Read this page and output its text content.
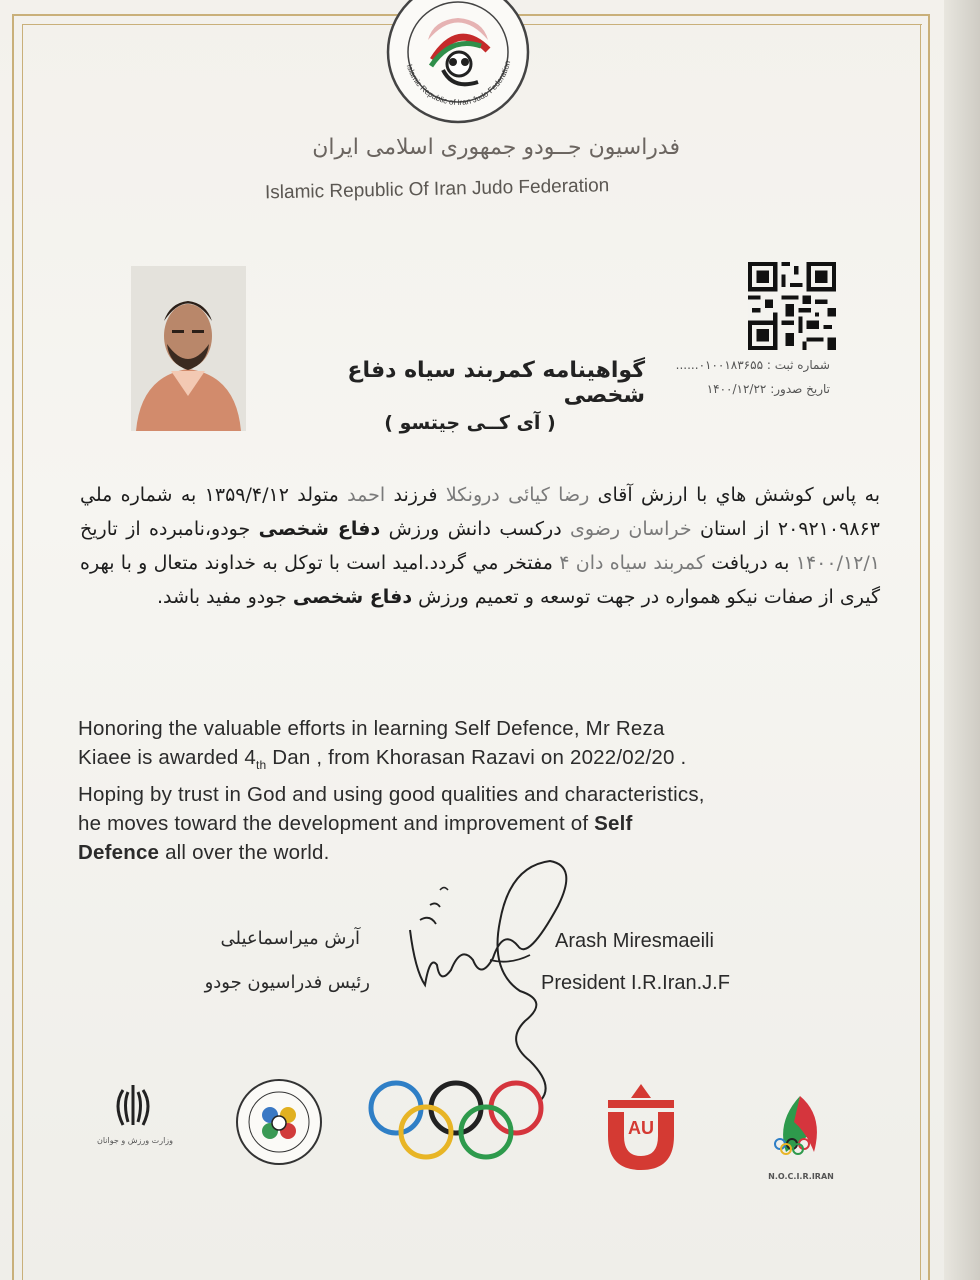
Islamic Republic of Iran Judo Federation
فدراسیون جــودو جمهوری اسلامی ایران
Islamic Republic Of Iran Judo Federation
شماره ثبت : ۰۱۰۰۱۸۳۶۵۵......
تاریخ صدور: ۱۴۰۰/۱۲/۲۲
گواهینامه کمربند سیاه دفاع شخصی
( آی کــی جیتسو )
به پاس کوشش هاي با ارزش آقای رضا کیائی درونکلا فرزند احمد متولد ۱۳۵۹/۴/۱۲ به شماره ملي ۲۰۹۲۱۰۹۸۶۳ از استان خراسان رضوی درکسب دانش ورزش دفاع شخصی جودو،نامبرده از تاریخ ۱۴۰۰/۱۲/۱ به دریافت کمربند سیاه دان ۴ مفتخر مي گردد.امید است با توکل به خداوند متعال و با بهره گیری از صفات نیکو همواره در جهت توسعه و تعمیم ورزش دفاع شخصی جودو مفید باشد.
Honoring the valuable efforts in learning Self Defence, Mr Reza
Kiaee is awarded $4_{th}$ Dan , from Khorasan Razavi on 2022/02/20 .
Hoping by trust in God and using good qualities and characteristics,
he moves toward the development and improvement of Self
Defence all over the world.
آرش میراسماعیلی
رئیس فدراسیون جودو
Arash Miresmaeili
President I.R.Iran.J.F
وزارت ورزش و جوانان
AU
N.O.C.I.R.IRAN
